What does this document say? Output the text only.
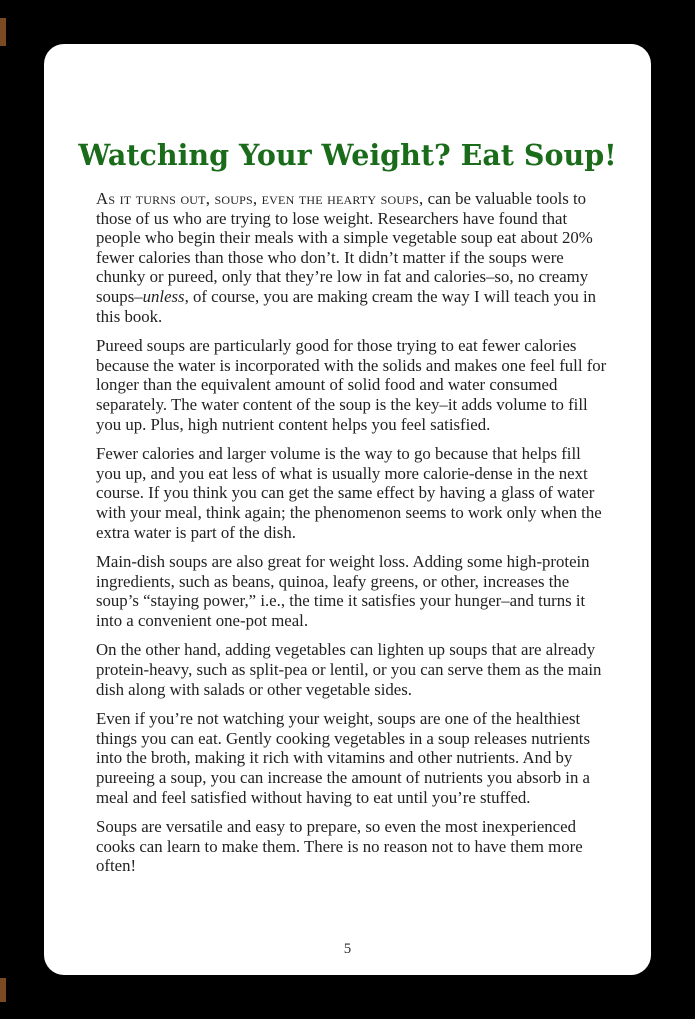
Watching Your Weight? Eat Soup!

As it turns out, soups, even the hearty soups, can be valuable tools to those of us who are trying to lose weight. Researchers have found that people who begin their meals with a simple vegetable soup eat about 20% fewer calories than those who don’t. It didn’t matter if the soups were chunky or pureed, only that they’re low in fat and calories–so, no creamy soups–unless, of course, you are making cream the way I will teach you in this book.

Pureed soups are particularly good for those trying to eat fewer calories because the water is incorporated with the solids and makes one feel full for longer than the equivalent amount of solid food and water consumed separately. The water content of the soup is the key–it adds volume to fill you up. Plus, high nutrient content helps you feel satisfied.

Fewer calories and larger volume is the way to go because that helps fill you up, and you eat less of what is usually more calorie-dense in the next course. If you think you can get the same effect by having a glass of water with your meal, think again; the phenomenon seems to work only when the extra water is part of the dish.

Main-dish soups are also great for weight loss. Adding some high-protein ingredients, such as beans, quinoa, leafy greens, or other, increases the soup’s “staying power,” i.e., the time it satisfies your hunger–and turns it into a convenient one-pot meal.

On the other hand, adding vegetables can lighten up soups that are already protein-heavy, such as split-pea or lentil, or you can serve them as the main dish along with salads or other vegetable sides.

Even if you’re not watching your weight, soups are one of the healthiest things you can eat. Gently cooking vegetables in a soup releases nutrients into the broth, making it rich with vitamins and other nutrients. And by pureeing a soup, you can increase the amount of nutrients you absorb in a meal and feel satisfied without having to eat until you’re stuffed.

Soups are versatile and easy to prepare, so even the most inexperienced cooks can learn to make them. There is no reason not to have them more often!

5
